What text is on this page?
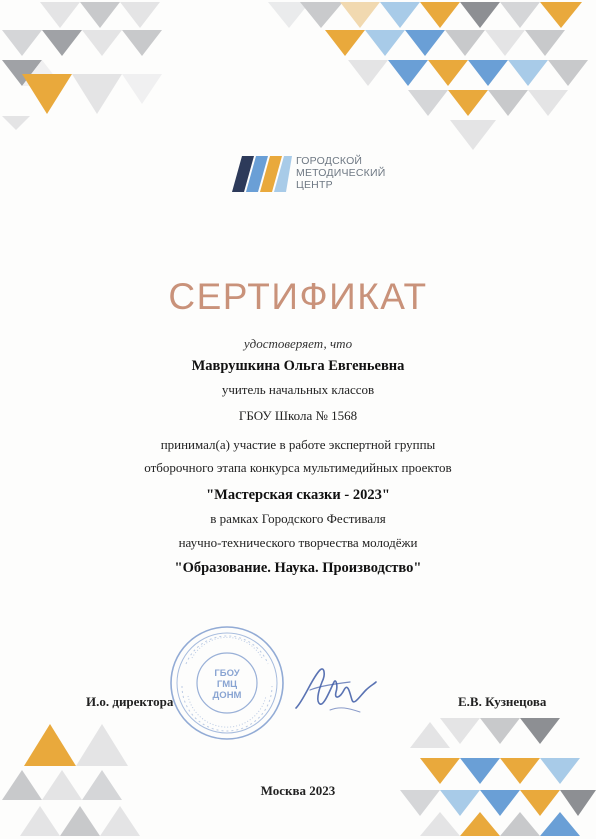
ГОРОДСКОЙ
МЕТОДИЧЕСКИЙ
ЦЕНТР
СЕРТИФИКАТ
удостоверяет, что
Маврушкина Ольга Евгеньевна
учитель начальных классов
ГБОУ Школа № 1568
принимал(а) участие в работе экспертной группы
отборочного этапа конкурса мультимедийных проектов
"Мастерская сказки - 2023"
в рамках Городского Фестиваля
научно-технического творчества молодёжи
"Образование. Наука. Производство"
ГБОУ
ГМЦ
ДОНМ
И.о. директора	Е.В. Кузнецова
Москва 2023
